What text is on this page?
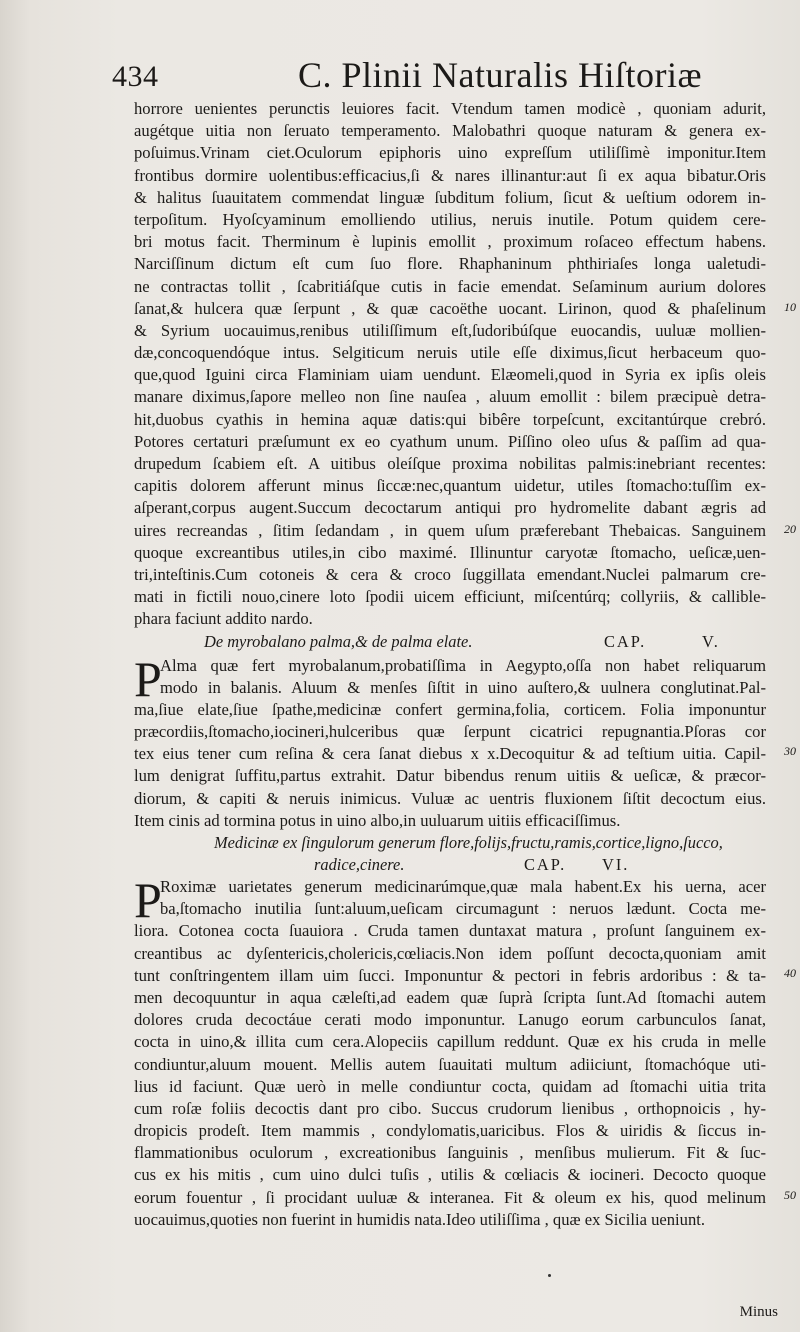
434	C. Plinii Naturalis Hiſtoriæ
horrore uenientes perunctis leuiores facit. Vtendum tamen modicè , quoniam adurit,
augétque uitia non ſeruato temperamento. Malobathri quoque naturam & genera ex-
poſuimus.Vrinam ciet.Oculorum epiphoris uino expreſſum utiliſſimè imponitur.Item
frontibus dormire uolentibus:efficacius,ſi & nares illinantur:aut ſi ex aqua bibatur.Oris
& halitus ſuauitatem commendat linguæ ſubditum folium, ſicut & ueſtium odorem in-
terpoſitum. Hyoſcyaminum emolliendo utilius, neruis inutile. Potum quidem cere-
bri motus facit. Therminum è lupinis emollit , proximum roſaceo effectum habens.
Narciſſinum dictum eſt cum ſuo flore. Rhaphaninum phthiriaſes longa ualetudi-
ne contractas tollit , ſcabritiáſque cutis in facie emendat. Seſaminum aurium dolores
ſanat,& hulcera quæ ſerpunt , & quæ cacoëthe uocant. Lirinon, quod & phaſelinum
& Syrium uocauimus,renibus utiliſſimum eſt,ſudoribúſque euocandis, uuluæ mollien-
dæ,concoquendóque intus. Selgiticum neruis utile eſſe diximus,ſicut herbaceum quo-
que,quod Iguini circa Flaminiam uiam uendunt. Elæomeli,quod in Syria ex ipſis oleis
manare diximus,ſapore melleo non ſine nauſea , aluum emollit : bilem præcipuè detra-
hit,duobus cyathis in hemina aquæ datis:qui bibêre torpeſcunt, excitantúrque crebró.
Potores certaturi præſumunt ex eo cyathum unum. Piſſino oleo uſus & paſſim ad qua-
drupedum ſcabiem eſt. A uitibus oleíſque proxima nobilitas palmis:inebriant recentes:
capitis dolorem afferunt minus ſiccæ:nec,quantum uidetur, utiles ſtomacho:tuſſim ex-
aſperant,corpus augent.Succum decoctarum antiqui pro hydromelite dabant ægris ad
uires recreandas , ſitim ſedandam , in quem uſum præferebant Thebaicas. Sanguinem
quoque excreantibus utiles,in cibo maximé. Illinuntur caryotæ ſtomacho, ueſicæ,uen-
tri,inteſtinis.Cum cotoneis & cera & croco ſuggillata emendant.Nuclei palmarum cre-
mati in fictili nouo,cinere loto ſpodii uicem efficiunt, miſcentúrq; collyriis, & callible-
phara faciunt addito nardo.
De myrobalano palma,& de palma elate.	CAP.	V.
P
Alma quæ fert myrobalanum,probatiſſima in Aegypto,oſſa non habet reliquarum
modo in balanis. Aluum & menſes ſiſtit in uino auſtero,& uulnera conglutinat.Pal-
ma,ſiue elate,ſiue ſpathe,medicinæ confert germina,folia, corticem. Folia imponuntur
præcordiis,ſtomacho,iocineri,hulceribus quæ ſerpunt cicatrici repugnantia.Pſoras cor
tex eius tener cum reſina & cera ſanat diebus x x.Decoquitur & ad teſtium uitia. Capil-
lum denigrat ſuffitu,partus extrahit. Datur bibendus renum uitiis & ueſicæ, & præcor-
diorum, & capiti & neruis inimicus. Vuluæ ac uentris fluxionem ſiſtit decoctum eius.
Item cinis ad tormina potus in uino albo,in uuluarum uitiis efficaciſſimus.
Medicinæ ex ſingulorum generum flore,folijs,fructu,ramis,cortice,ligno,ſucco,
radice,cinere.	CAP. VI.
P
Roximæ uarietates generum medicinarúmque,quæ mala habent.Ex his uerna, acer
ba,ſtomacho inutilia ſunt:aluum,ueſicam circumagunt : neruos lædunt. Cocta me-
liora. Cotonea cocta ſuauiora . Cruda tamen duntaxat matura , proſunt ſanguinem ex-
creantibus ac dyſentericis,cholericis,cœliacis.Non idem poſſunt decocta,quoniam amit
tunt conſtringentem illam uim ſucci. Imponuntur & pectori in febris ardoribus : & ta-
men decoquuntur in aqua cæleſti,ad eadem quæ ſuprà ſcripta ſunt.Ad ſtomachi autem
dolores cruda decoctáue cerati modo imponuntur. Lanugo eorum carbunculos ſanat,
cocta in uino,& illita cum cera.Alopeciis capillum reddunt. Quæ ex his cruda in melle
condiuntur,aluum mouent. Mellis autem ſuauitati multum adiiciunt, ſtomachóque uti-
lius id faciunt. Quæ uerò in melle condiuntur cocta, quidam ad ſtomachi uitia trita
cum roſæ foliis decoctis dant pro cibo. Succus crudorum lienibus , orthopnoicis , hy-
dropicis prodeſt. Item mammis , condylomatis,uaricibus. Flos & uiridis & ſiccus in-
flammationibus oculorum , excreationibus ſanguinis , menſibus mulierum. Fit & ſuc-
cus ex his mitis , cum uino dulci tuſis , utilis & cœliacis & iocineri. Decocto quoque
eorum fouentur , ſi procidant uuluæ & interanea. Fit & oleum ex his, quod melinum
uocauimus,quoties non fuerint in humidis nata.Ideo utiliſſima , quæ ex Sicilia ueniunt.
10
20
30
40
50
Minus
